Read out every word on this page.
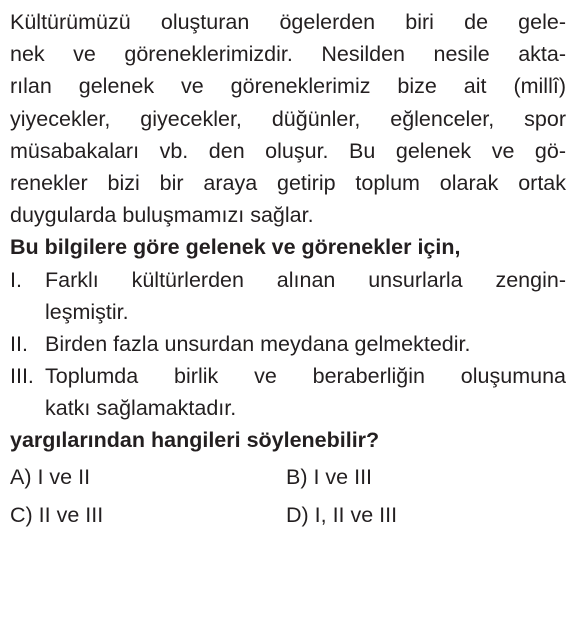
Kültürümüzü oluşturan ögelerden biri de gele-
nek ve göreneklerimizdir. Nesilden nesile akta-
rılan gelenek ve göreneklerimiz bize ait (millî)
yiyecekler, giyecekler, düğünler, eğlenceler, spor
müsabakaları vb. den oluşur. Bu gelenek ve gö-
renekler bizi bir araya getirip toplum olarak ortak
duygularda buluşmamızı sağlar.
Bu bilgilere göre gelenek ve görenekler için,
I. Farklı kültürlerden alınan unsurlarla zengin-
leşmiştir.
II. Birden fazla unsurdan meydana gelmektedir.
III. Toplumda birlik ve beraberliğin oluşumuna
katkı sağlamaktadır.
yargılarından hangileri söylenebilir?
A) I ve II	B) I ve III
C) II ve III	D) I, II ve III
